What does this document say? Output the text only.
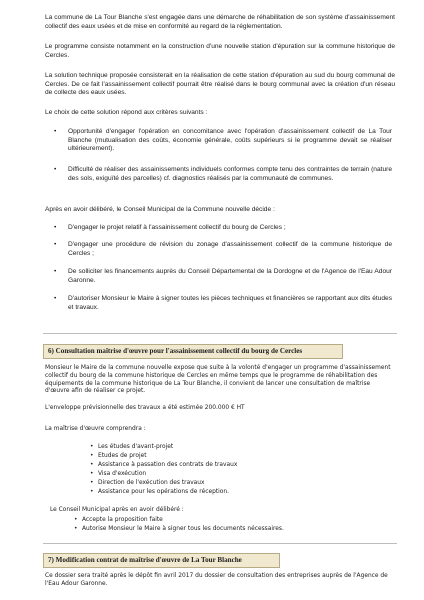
La commune de La Tour Blanche s'est engagée dans une démarche de réhabilitation de son système d'assainissement collectif des eaux usées et de mise en conformité au regard de la réglementation.

Le programme consiste notamment en la construction d'une nouvelle station d'épuration sur la commune historique de Cercles.

La solution technique proposée consisterait en la réalisation de cette station d'épuration au sud du bourg communal de Cercles. De ce fait l'assainissement collectif pourrait être réalisé dans le bourg communal avec la création d'un réseau de collecte des eaux usées.

Le choix de cette solution répond aux critères suivants :

• Opportunité d'engager l'opération en concomitance avec l'opération d'assainissement collectif de La Tour Blanche (mutualisation des coûts, économie générale, coûts supérieurs si le programme devait se réaliser ultérieurement).
• Difficulté de réaliser des assainissements individuels conformes compte tenu des contraintes de terrain (nature des sols, exiguïté des parcelles) cf. diagnostics réalisés par la communauté de communes.

Après en avoir délibéré, le Conseil Municipal de la Commune nouvelle décide :

• D'engager le projet relatif à l'assainissement collectif du bourg de Cercles ;
• D'engager une procédure de révision du zonage d'assainissement collectif de la commune historique de Cercles ;
• De solliciter les financements auprès du Conseil Départemental de la Dordogne et de l'Agence de l'Eau Adour Garonne.
• D'autoriser Monsieur le Maire à signer toutes les pièces techniques et financières se rapportant aux dits études et travaux.
6) Consultation maîtrise d'œuvre pour l'assainissement collectif du bourg de Cercles

Monsieur le Maire de la commune nouvelle expose que suite à la volonté d'engager un programme d'assainissement collectif du bourg de la commune historique de Cercles en même temps que le programme de réhabilitation des équipements de la commune historique de La Tour Blanche, il convient de lancer une consultation de maîtrise d'œuvre afin de réaliser ce projet.

L'enveloppe prévisionnelle des travaux a été estimée 200.000 € HT

La maîtrise d'œuvre comprendra :

• Les études d'avant-projet
• Etudes de projet
• Assistance à passation des contrats de travaux
• Visa d'exécution
• Direction de l'exécution des travaux
• Assistance pour les opérations de réception.

Le Conseil Municipal après en avoir délibéré :

• Accepte la proposition faite
• Autorise Monsieur le Maire à signer tous les documents nécessaires.
7) Modification contrat de maîtrise d'œuvre de La Tour Blanche

Ce dossier sera traité après le dépôt fin avril 2017 du dossier de consultation des entreprises auprès de l'Agence de l'Eau Adour Garonne.
